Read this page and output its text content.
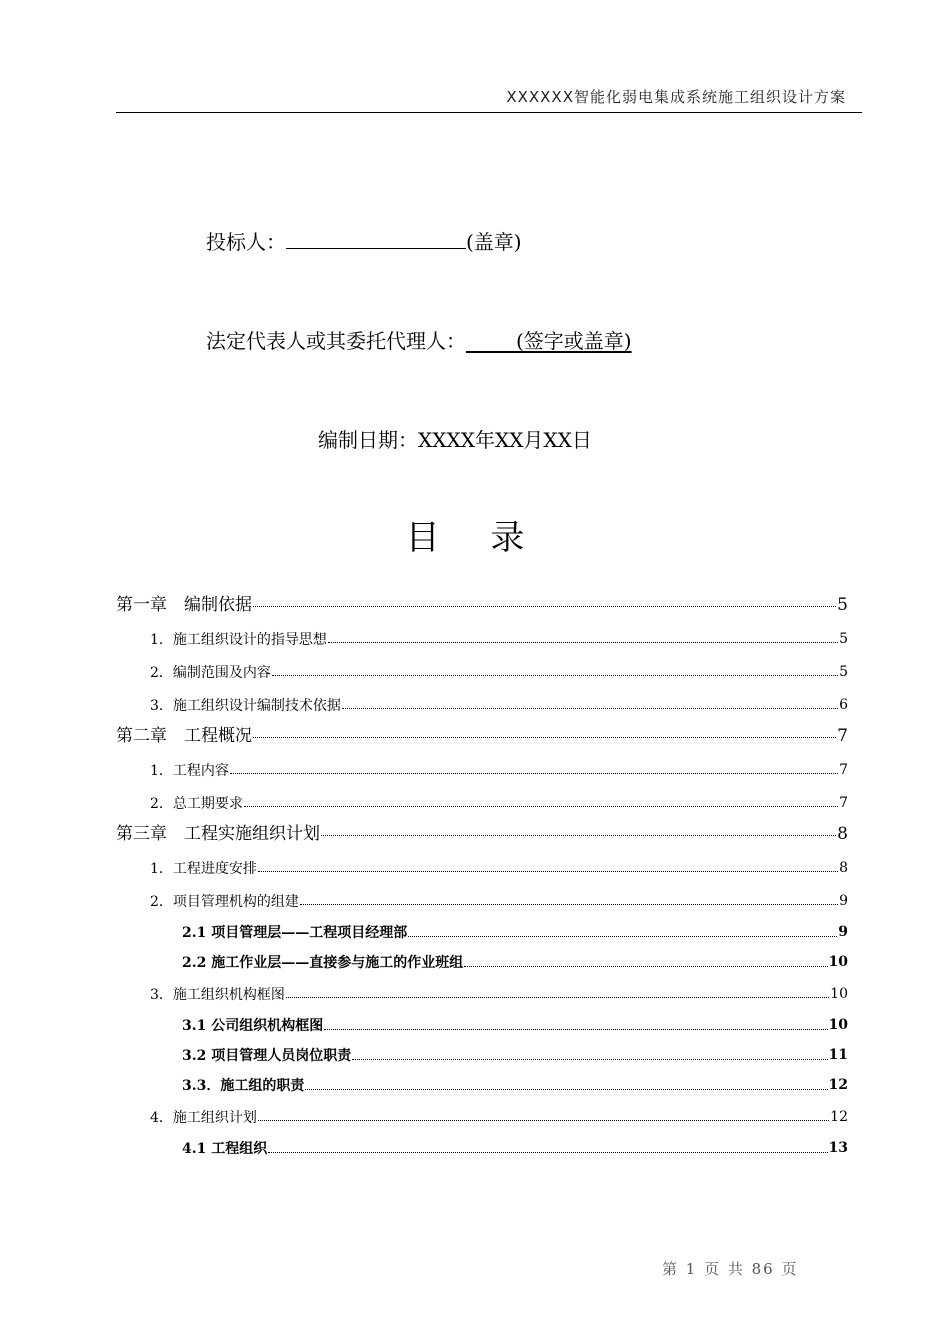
XXXXXX智能化弱电集成系统施工组织设计方案
投标人：	(盖章)
法定代表人或其委托代理人：   	(签字或盖章)
编制日期：XXXX年XX月XX日
目 录
第一章　编制依据	5
1．施工组织设计的指导思想	5
2．编制范围及内容	5
3．施工组织设计编制技术依据	6
第二章　工程概况	7
1．工程内容	7
2．总工期要求	7
第三章　工程实施组织计划	8
1．工程进度安排	8
2．项目管理机构的组建	9
2.1 项目管理层——工程项目经理部	9
2.2 施工作业层——直接参与施工的作业班组	10
3．施工组织机构框图	10
3.1 公司组织机构框图	10
3.2 项目管理人员岗位职责	11
3.3．施工组的职责	12
4．施工组织计划	12
4.1 工程组织	13
第 1 页 共 86 页
